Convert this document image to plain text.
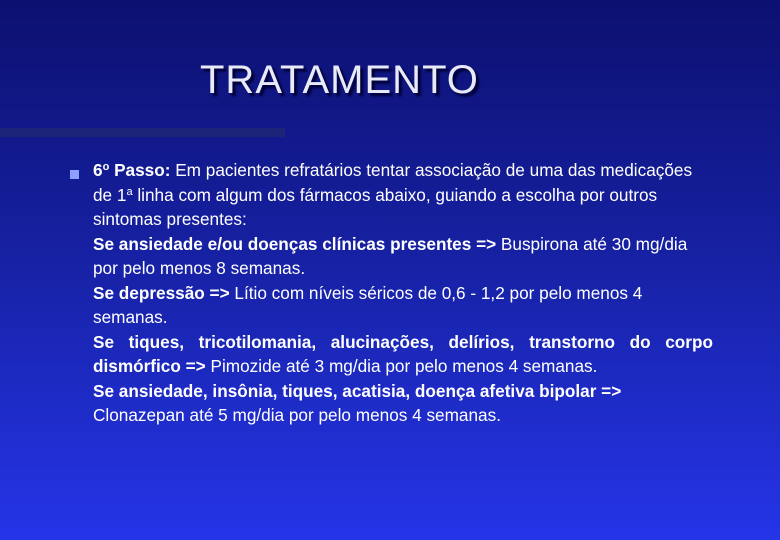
TRATAMENTO

6$^o$ Passo: Em pacientes refratários tentar associação de uma das medicações de 1$^a$ linha com algum dos fármacos abaixo, guiando a escolha por outros sintomas presentes:

Se ansiedade e/ou doenças clínicas presentes => Buspirona até 30 mg/dia por pelo menos 8 semanas.

Se depressão => Lítio com níveis séricos de 0,6 - 1,2 por pelo menos 4 semanas.

Se tiques, tricotilomania, alucinações, delírios, transtorno do corpo dismórfico => Pimozide até 3 mg/dia por pelo menos 4 semanas.

Se ansiedade, insônia, tiques, acatisia, doença afetiva bipolar => Clonazepan até 5 mg/dia por pelo menos 4 semanas.
